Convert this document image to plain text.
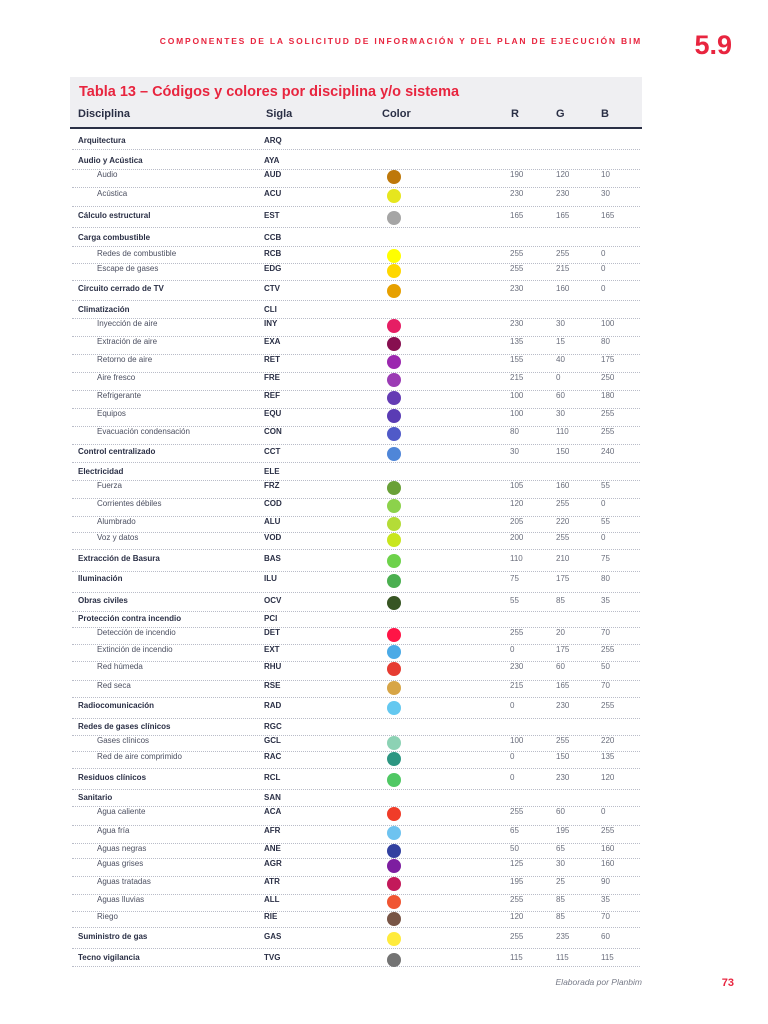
COMPONENTES DE LA SOLICITUD DE INFORMACIÓN Y DEL PLAN DE EJECUCIÓN BIM 5.9
Tabla 13 – Códigos y colores por disciplina y/o sistema
Disciplina	Sigla	Color	R	G	B
Arquitectura	ARQ
Audio y Acústica	AYA
Audio	AUD	190	120	10
Acústica	ACU	230	230	30
Cálculo estructural	EST	165	165	165
Carga combustible	CCB
Redes de combustible	RCB	255	255	0
Escape de gases	EDG	255	215	0
Circuito cerrado de TV	CTV	230	160	0
Climatización	CLI
Inyección de aire	INY	230	30	100
Extración de aire	EXA	135	15	80
Retorno de aire	RET	155	40	175
Aire fresco	FRE	215	0	250
Refrigerante	REF	100	60	180
Equipos	EQU	100	30	255
Evacuación condensación	CON	80	110	255
Control centralizado	CCT	30	150	240
Electricidad	ELE
Fuerza	FRZ	105	160	55
Corrientes débiles	COD	120	255	0
Alumbrado	ALU	205	220	55
Voz y datos	VOD	200	255	0
Extracción de Basura	BAS	110	210	75
Iluminación	ILU	75	175	80
Obras civiles	OCV	55	85	35
Protección contra incendio	PCI
Detección de incendio	DET	255	20	70
Extinción de incendio	EXT	0	175	255
Red húmeda	RHU	230	60	50
Red seca	RSE	215	165	70
Radiocomunicación	RAD	0	230	255
Redes de gases clínicos	RGC
Gases clínicos	GCL	100	255	220
Red de aire comprimido	RAC	0	150	135
Residuos clínicos	RCL	0	230	120
Sanitario	SAN
Agua caliente	ACA	255	60	0
Agua fría	AFR	65	195	255
Aguas negras	ANE	50	65	160
Aguas grises	AGR	125	30	160
Aguas tratadas	ATR	195	25	90
Aguas lluvias	ALL	255	85	35
Riego	RIE	120	85	70
Suministro de gas	GAS	255	235	60
Tecno vigilancia	TVG	115	115	115
Elaborada por Planbim	73
